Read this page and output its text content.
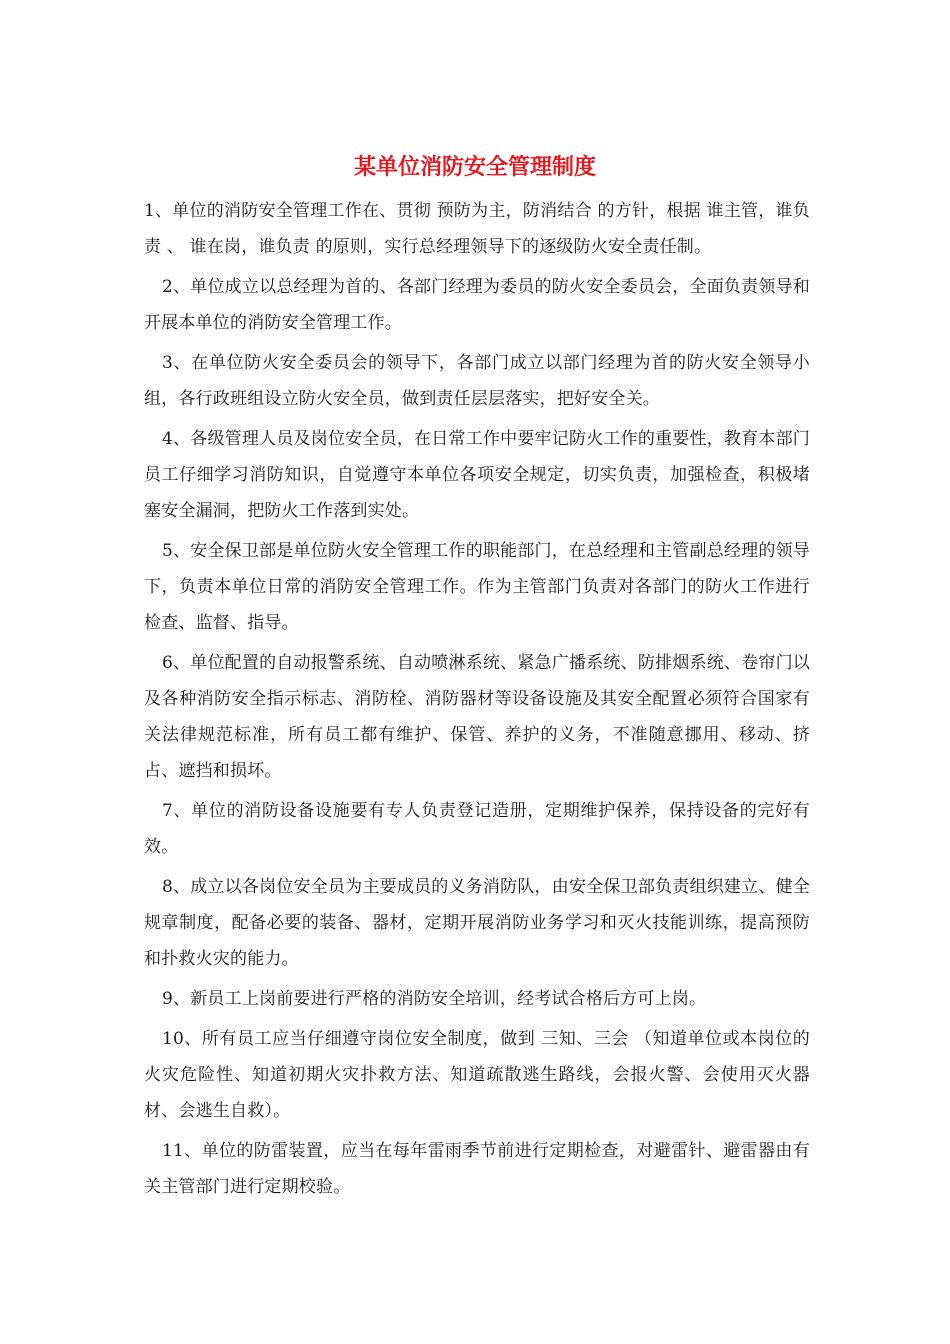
某单位消防安全管理制度

1、单位的消防安全管理工作在、贯彻 预防为主，防消结合 的方针，根据 谁主管，谁负责 、 谁在岗，谁负责 的原则，实行总经理领导下的逐级防火安全责任制。

2、单位成立以总经理为首的、各部门经理为委员的防火安全委员会，全面负责领导和开展本单位的消防安全管理工作。

3、在单位防火安全委员会的领导下，各部门成立以部门经理为首的防火安全领导小组，各行政班组设立防火安全员，做到责任层层落实，把好安全关。

4、各级管理人员及岗位安全员，在日常工作中要牢记防火工作的重要性，教育本部门员工仔细学习消防知识，自觉遵守本单位各项安全规定，切实负责，加强检查，积极堵塞安全漏洞，把防火工作落到实处。

5、安全保卫部是单位防火安全管理工作的职能部门，在总经理和主管副总经理的领导下，负责本单位日常的消防安全管理工作。作为主管部门负责对各部门的防火工作进行检查、监督、指导。

6、单位配置的自动报警系统、自动喷淋系统、紧急广播系统、防排烟系统、卷帘门以及各种消防安全指示标志、消防栓、消防器材等设备设施及其安全配置必须符合国家有关法律规范标准，所有员工都有维护、保管、养护的义务，不准随意挪用、移动、挤占、遮挡和损坏。

7、单位的消防设备设施要有专人负责登记造册，定期维护保养，保持设备的完好有效。

8、成立以各岗位安全员为主要成员的义务消防队，由安全保卫部负责组织建立、健全规章制度，配备必要的装备、器材，定期开展消防业务学习和灭火技能训练，提高预防和扑救火灾的能力。

9、新员工上岗前要进行严格的消防安全培训，经考试合格后方可上岗。

10、所有员工应当仔细遵守岗位安全制度，做到 三知、三会 （知道单位或本岗位的火灾危险性、知道初期火灾扑救方法、知道疏散逃生路线，会报火警、会使用灭火器材、会逃生自救）。

11、单位的防雷装置，应当在每年雷雨季节前进行定期检查，对避雷针、避雷器由有关主管部门进行定期校验。
